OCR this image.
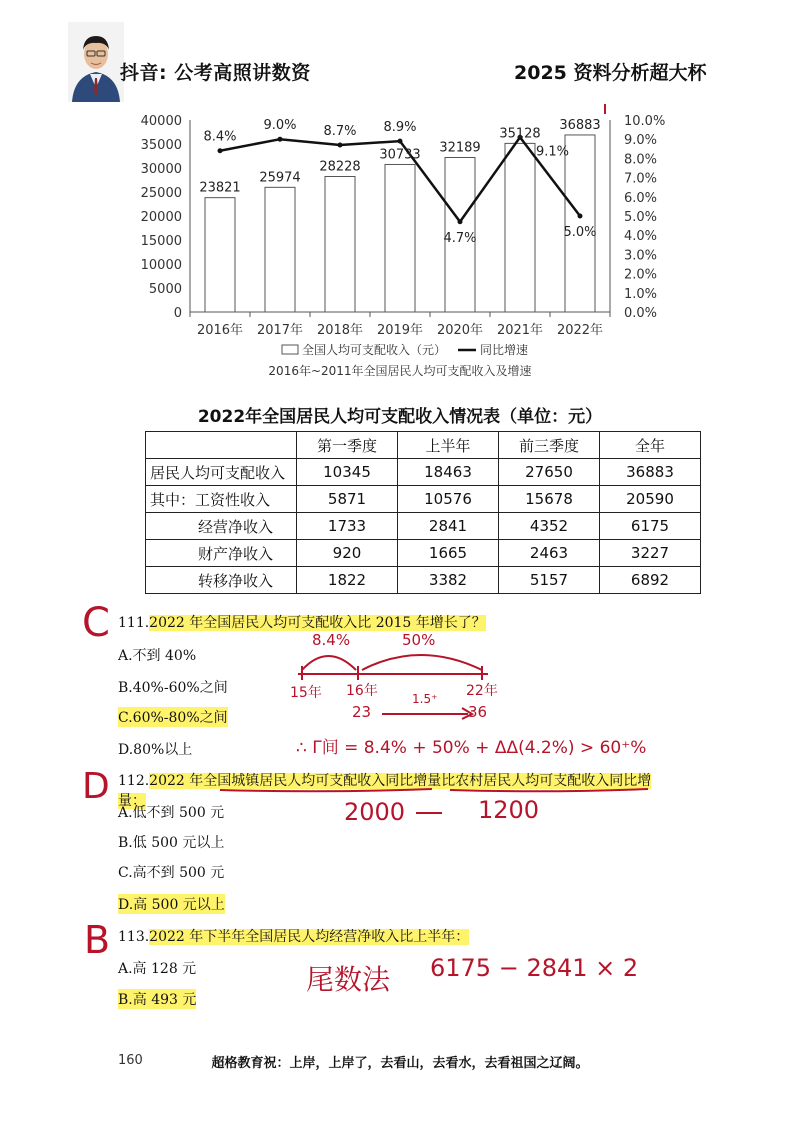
抖音: 公考高照讲数资	2025 资料分析超大杯
0
5000
10000
15000
20000
25000
30000
35000
40000
0.0%
1.0%
2.0%
3.0%
4.0%
5.0%
6.0%
7.0%
8.0%
9.0%
10.0%
23821
2016年
25974
2017年
28228
2018年
30733
2019年
32189
2020年
35128
2021年
36883
2022年
8.4%
9.0% 8.7% 8.9%
4.7%
9.1%
5.0%
全国人均可支配收入（元）	同比增速
2016年~2011年全国居民人均可支配收入及增速
2022年全国居民人均可支配收入情况表（单位：元）
	第一季度	上半年	前三季度	全年
居民人均可支配收入	10345	18463	27650	36883
其中：工资性收入	5871	10576	15678	20590
经营净收入	1733	2841	4352	6175
财产净收入	920	1665	2463	3227
转移净收入	1822	3382	5157	6892
C 111.2022 年全国居民人均可支配收入比 2015 年增长了？
A.不到 40%
B.40%-60%之间
C.60%-80%之间
D.80%以上
8.4%	50%
15年 16年	22年
23
1.5⁺
36
∴ Γ间 = 8.4% + 50% + ΔΔ(4.2%) > 60⁺%
D 112.2022 年全国城镇居民人均可支配收入同比增量比农村居民人均可支配收入同比增量：
A.低不到 500 元
B.低 500 元以上
C.高不到 500 元
D.高 500 元以上
2000	1200
B 113.2022 年下半年全国居民人均经营净收入比上半年：
A.高 128 元
B.高 493 元
尾数法 6175 − 2841 × 2
160	超格教育祝：上岸，上岸了，去看山，去看水，去看祖国之辽阔。
